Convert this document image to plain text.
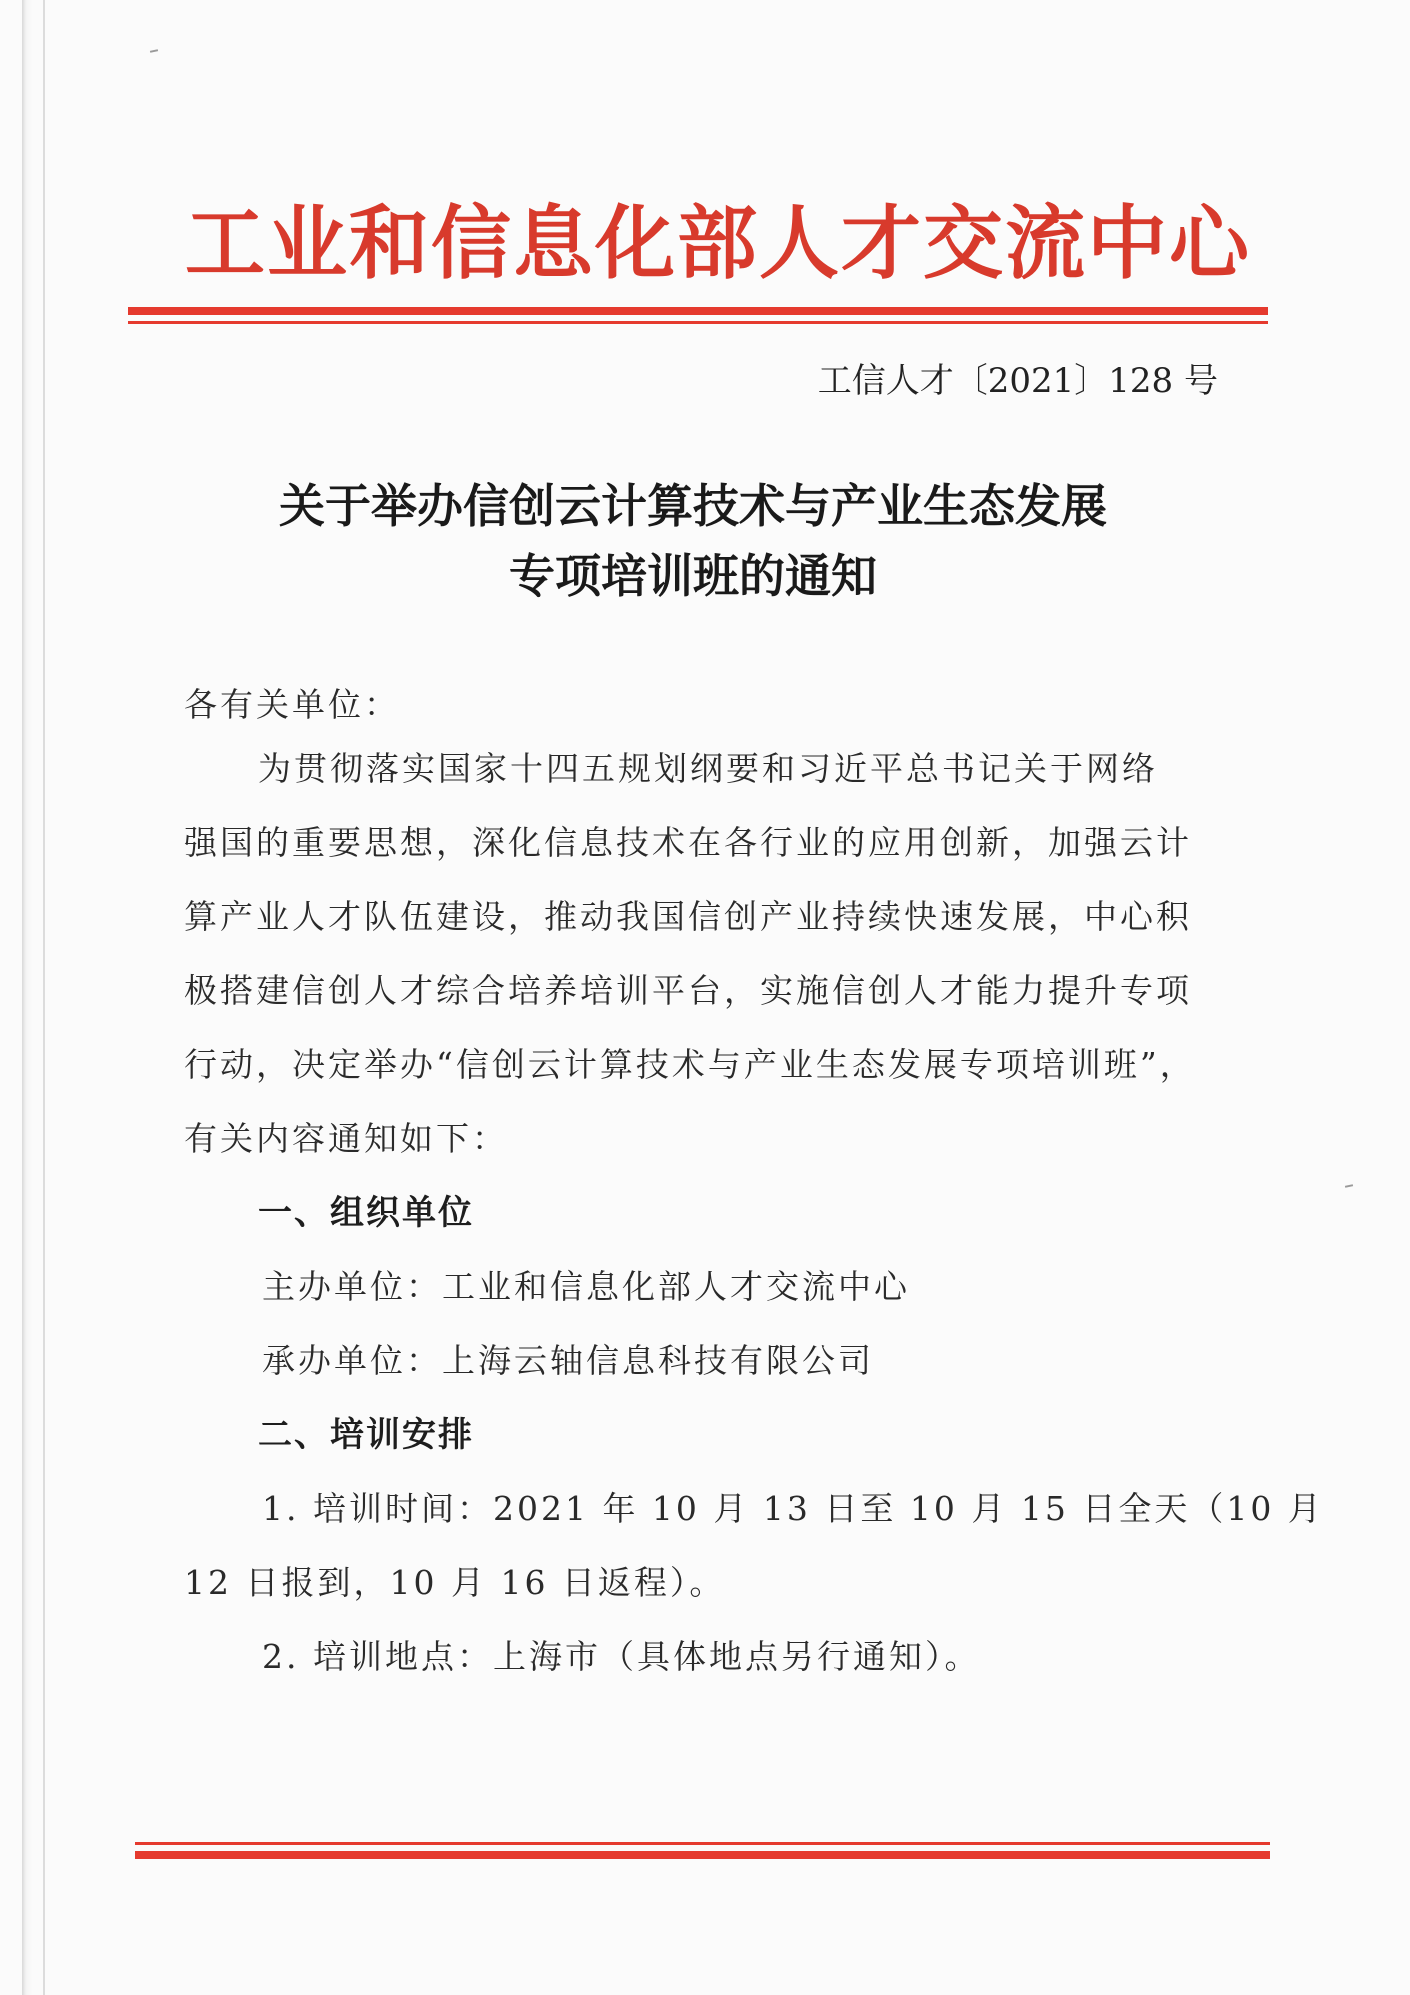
工业和信息化部人才交流中心
工信人才〔2021〕128 号
关于举办信创云计算技术与产业生态发展
专项培训班的通知
各有关单位：
为贯彻落实国家十四五规划纲要和习近平总书记关于网络
强国的重要思想，深化信息技术在各行业的应用创新，加强云计
算产业人才队伍建设，推动我国信创产业持续快速发展，中心积
极搭建信创人才综合培养培训平台，实施信创人才能力提升专项
行动，决定举办“信创云计算技术与产业生态发展专项培训班”，
有关内容通知如下：
一、组织单位
主办单位：工业和信息化部人才交流中心
承办单位：上海云轴信息科技有限公司
二、培训安排
1. 培训时间：2021 年 10 月 13 日至 10 月 15 日全天（10 月
12 日报到，10 月 16 日返程）。
2. 培训地点：上海市（具体地点另行通知）。
